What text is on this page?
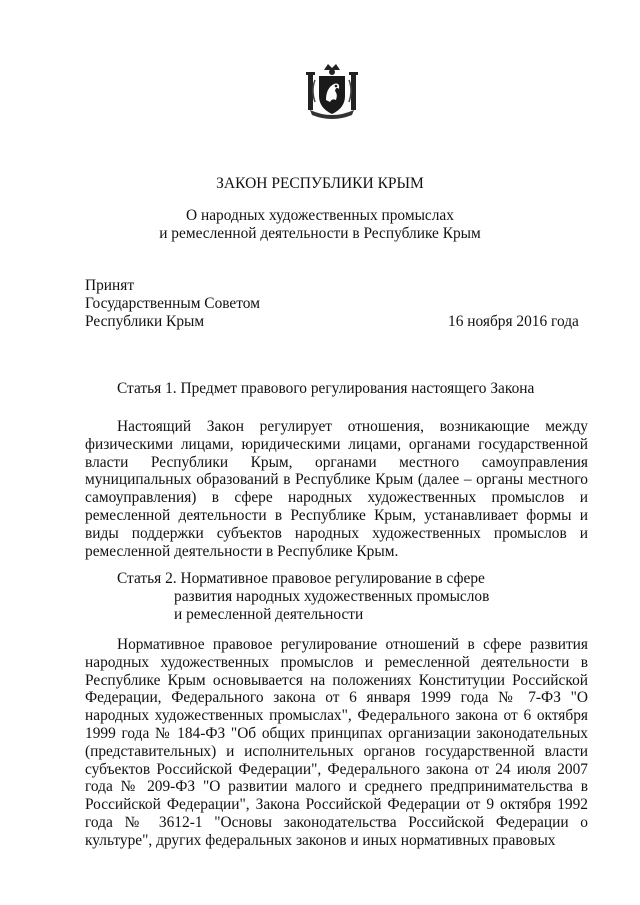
ЗАКОН РЕСПУБЛИКИ КРЫМ

О народных художественных промыслах
и ремесленной деятельности в Республике Крым

Принят
Государственным Советом
Республики Крым	16 ноября 2016 года
Статья 1. Предмет правового регулирования настоящего Закона

Настоящий Закон регулирует отношения, возникающие между физическими лицами, юридическими лицами, органами государственной власти Республики Крым, органами местного самоуправления муниципальных образований в Республике Крым (далее – органы местного самоуправления) в сфере народных художественных промыслов и ремесленной деятельности в Республике Крым, устанавливает формы и виды поддержки субъектов народных художественных промыслов и ремесленной деятельности в Республике Крым.

Статья 2. Нормативное правовое регулирование в сфере
развития народных художественных промыслов
и ремесленной деятельности

Нормативное правовое регулирование отношений в сфере развития народных художественных промыслов и ремесленной деятельности в Республике Крым основывается на положениях Конституции Российской Федерации, Федерального закона от 6 января 1999 года № 7-ФЗ "О народных художественных промыслах", Федерального закона от 6 октября 1999 года № 184-ФЗ "Об общих принципах организации законодательных (представительных) и исполнительных органов государственной власти субъектов Российской Федерации", Федерального закона от 24 июля 2007 года № 209-ФЗ "О развитии малого и среднего предпринимательства в Российской Федерации", Закона Российской Федерации от 9 октября 1992 года № 3612-1 "Основы законодательства Российской Федерации о культуре", других федеральных законов и иных нормативных правовых
